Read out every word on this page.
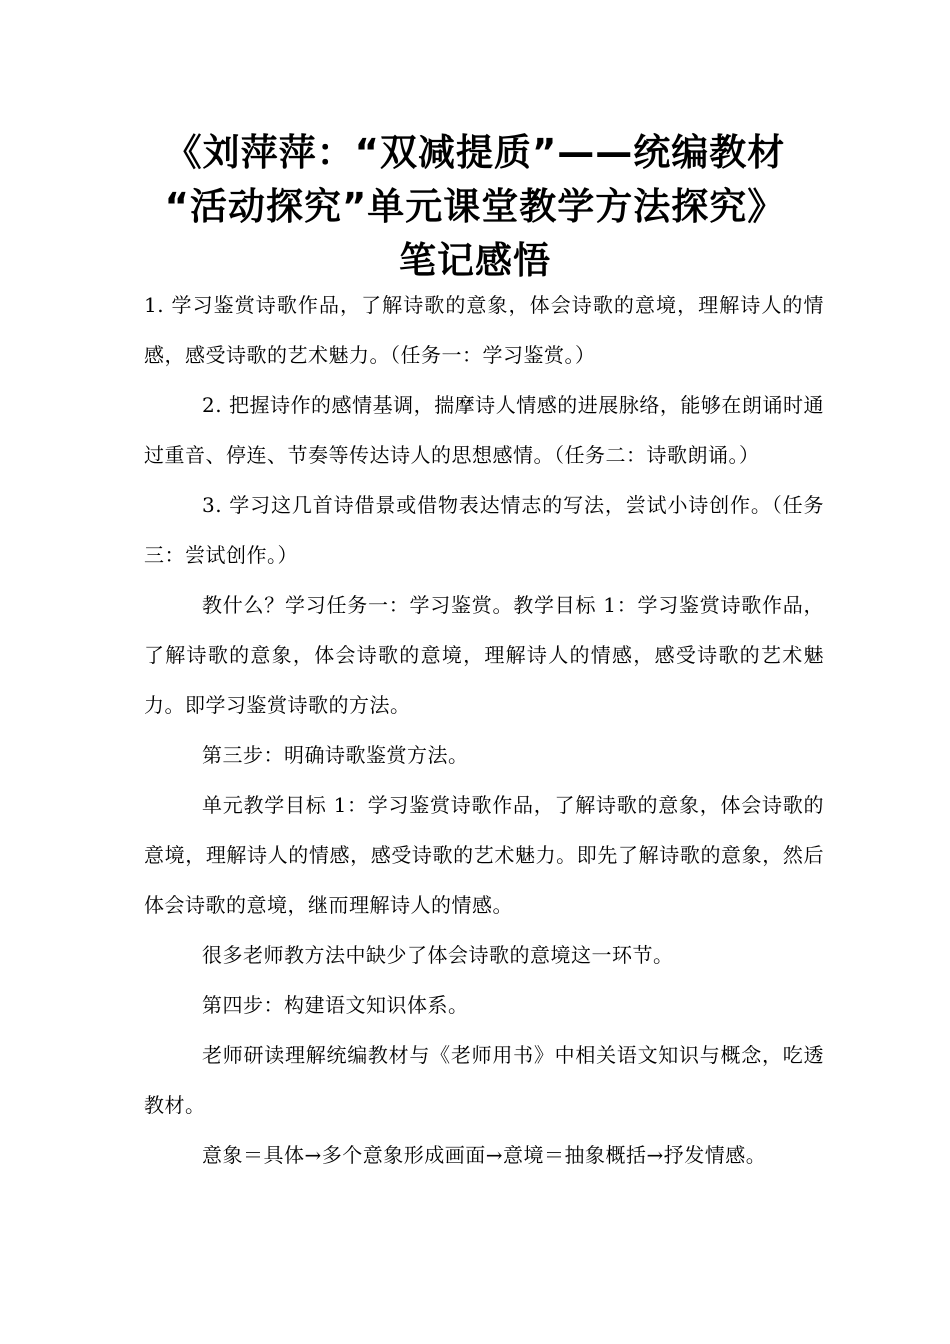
《刘萍萍：“双减提质”——统编教材
“活动探究”单元课堂教学方法探究》
笔记感悟

1. 学习鉴赏诗歌作品，了解诗歌的意象，体会诗歌的意境，理解诗人的情感，感受诗歌的艺术魅力。（任务一：学习鉴赏。）

2. 把握诗作的感情基调，揣摩诗人情感的进展脉络，能够在朗诵时通过重音、停连、节奏等传达诗人的思想感情。（任务二：诗歌朗诵。）

3. 学习这几首诗借景或借物表达情志的写法，尝试小诗创作。（任务三：尝试创作。）

教什么？学习任务一：学习鉴赏。教学目标 1：学习鉴赏诗歌作品，了解诗歌的意象，体会诗歌的意境，理解诗人的情感，感受诗歌的艺术魅力。即学习鉴赏诗歌的方法。

第三步：明确诗歌鉴赏方法。

单元教学目标 1：学习鉴赏诗歌作品，了解诗歌的意象，体会诗歌的意境，理解诗人的情感，感受诗歌的艺术魅力。即先了解诗歌的意象，然后体会诗歌的意境，继而理解诗人的情感。

很多老师教方法中缺少了体会诗歌的意境这一环节。

第四步：构建语文知识体系。

老师研读理解统编教材与《老师用书》中相关语文知识与概念，吃透教材。

意象＝具体→多个意象形成画面→意境＝抽象概括→抒发情感。
